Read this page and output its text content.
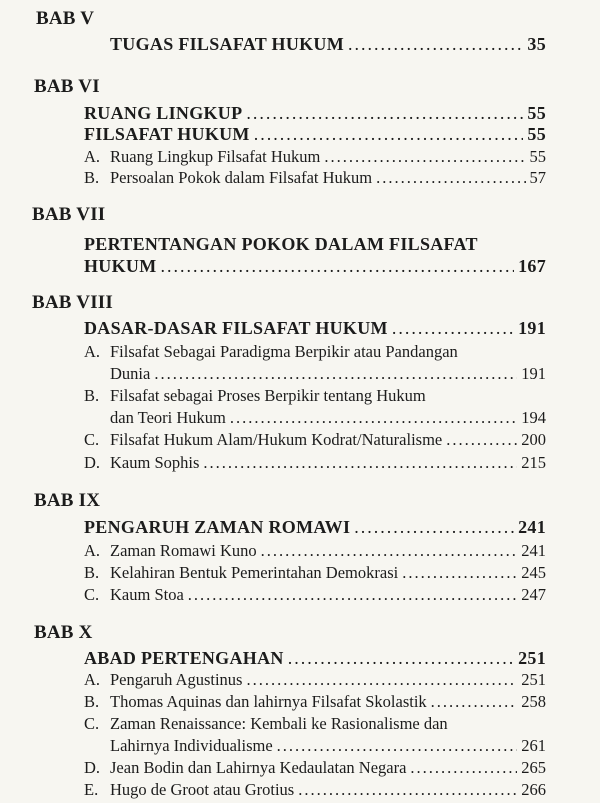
BAB V
TUGAS FILSAFAT HUKUM .....	35
BAB VI
RUANG LINGKUP .....	55
FILSAFAT HUKUM .....	55
A. Ruang Lingkup Filsafat Hukum .....	55
B. Persoalan Pokok dalam Filsafat Hukum .....	57
BAB VII
PERTENTANGAN POKOK DALAM FILSAFAT
HUKUM .....	167
BAB VIII
DASAR-DASAR FILSAFAT HUKUM .....	191
A. Filsafat Sebagai Paradigma Berpikir atau Pandangan
Dunia .....	191
B. Filsafat sebagai Proses Berpikir tentang Hukum
dan Teori Hukum .....	194
C. Filsafat Hukum Alam/Hukum Kodrat/Naturalisme .....	200
D. Kaum Sophis .....	215
BAB IX
PENGARUH ZAMAN ROMAWI .....	241
A. Zaman Romawi Kuno .....	241
B. Kelahiran Bentuk Pemerintahan Demokrasi .....	245
C. Kaum Stoa .....	247
BAB X
ABAD PERTENGAHAN .....	251
A. Pengaruh Agustinus .....	251
B. Thomas Aquinas dan lahirnya Filsafat Skolastik .....	258
C. Zaman Renaissance: Kembali ke Rasionalisme dan
Lahirnya Individualisme .....	261
D. Jean Bodin dan Lahirnya Kedaulatan Negara .....	265
E. Hugo de Groot atau Grotius .....	266
